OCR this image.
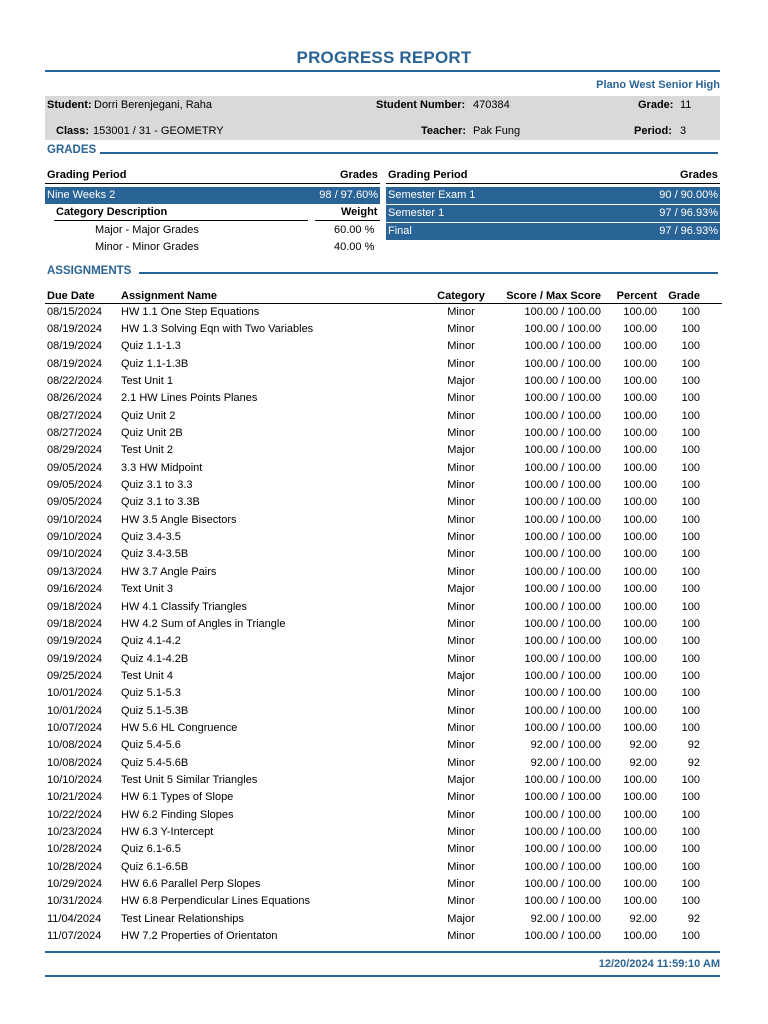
PROGRESS REPORT
Plano West Senior High
Student: Dorri Berenjegani, Raha	Student Number: 470384	Grade: 11
Class: 153001 / 31 - GEOMETRY	Teacher: Pak Fung	Period: 3
GRADES
Grading Period	Grades Grading Period	Grades
Nine Weeks 2	98 / 97.60%
Category Description	Weight
Major - Major Grades	60.00 %
Minor - Minor Grades	40.00 %
Semester Exam 1	90 / 90.00%
Semester 1	97 / 96.93%
Final	97 / 96.93%
ASSIGNMENTS
Due Date	Assignment Name	Category	Score / Max Score	Percent	Grade
08/15/2024	HW 1.1 One Step Equations	Minor	100.00 / 100.00	100.00	100
08/19/2024	HW 1.3 Solving Eqn with Two Variables	Minor	100.00 / 100.00	100.00	100
08/19/2024	Quiz 1.1-1.3	Minor	100.00 / 100.00	100.00	100
08/19/2024	Quiz 1.1-1.3B	Minor	100.00 / 100.00	100.00	100
08/22/2024	Test Unit 1	Major	100.00 / 100.00	100.00	100
08/26/2024	2.1 HW Lines Points Planes	Minor	100.00 / 100.00	100.00	100
08/27/2024	Quiz Unit 2	Minor	100.00 / 100.00	100.00	100
08/27/2024	Quiz Unit 2B	Minor	100.00 / 100.00	100.00	100
08/29/2024	Test Unit 2	Major	100.00 / 100.00	100.00	100
09/05/2024	3.3 HW Midpoint	Minor	100.00 / 100.00	100.00	100
09/05/2024	Quiz 3.1 to 3.3	Minor	100.00 / 100.00	100.00	100
09/05/2024	Quiz 3.1 to 3.3B	Minor	100.00 / 100.00	100.00	100
09/10/2024	HW 3.5 Angle Bisectors	Minor	100.00 / 100.00	100.00	100
09/10/2024	Quiz 3.4-3.5	Minor	100.00 / 100.00	100.00	100
09/10/2024	Quiz 3.4-3.5B	Minor	100.00 / 100.00	100.00	100
09/13/2024	HW 3.7 Angle Pairs	Minor	100.00 / 100.00	100.00	100
09/16/2024	Text Unit 3	Major	100.00 / 100.00	100.00	100
09/18/2024	HW 4.1 Classify Triangles	Minor	100.00 / 100.00	100.00	100
09/18/2024	HW 4.2 Sum of Angles in Triangle	Minor	100.00 / 100.00	100.00	100
09/19/2024	Quiz 4.1-4.2	Minor	100.00 / 100.00	100.00	100
09/19/2024	Quiz 4.1-4.2B	Minor	100.00 / 100.00	100.00	100
09/25/2024	Test Unit 4	Major	100.00 / 100.00	100.00	100
10/01/2024	Quiz 5.1-5.3	Minor	100.00 / 100.00	100.00	100
10/01/2024	Quiz 5.1-5.3B	Minor	100.00 / 100.00	100.00	100
10/07/2024	HW 5.6 HL Congruence	Minor	100.00 / 100.00	100.00	100
10/08/2024	Quiz 5.4-5.6	Minor	92.00 / 100.00	92.00	92
10/08/2024	Quiz 5.4-5.6B	Minor	92.00 / 100.00	92.00	92
10/10/2024	Test Unit 5 Similar Triangles	Major	100.00 / 100.00	100.00	100
10/21/2024	HW 6.1 Types of Slope	Minor	100.00 / 100.00	100.00	100
10/22/2024	HW 6.2 Finding Slopes	Minor	100.00 / 100.00	100.00	100
10/23/2024	HW 6.3 Y-Intercept	Minor	100.00 / 100.00	100.00	100
10/28/2024	Quiz 6.1-6.5	Minor	100.00 / 100.00	100.00	100
10/28/2024	Quiz 6.1-6.5B	Minor	100.00 / 100.00	100.00	100
10/29/2024	HW 6.6 Parallel Perp Slopes	Minor	100.00 / 100.00	100.00	100
10/31/2024	HW 6.8 Perpendicular Lines Equations	Minor	100.00 / 100.00	100.00	100
11/04/2024	Test Linear Relationships	Major	92.00 / 100.00	92.00	92
11/07/2024	HW 7.2 Properties of Orientaton	Minor	100.00 / 100.00	100.00	100
12/20/2024 11:59:10 AM
